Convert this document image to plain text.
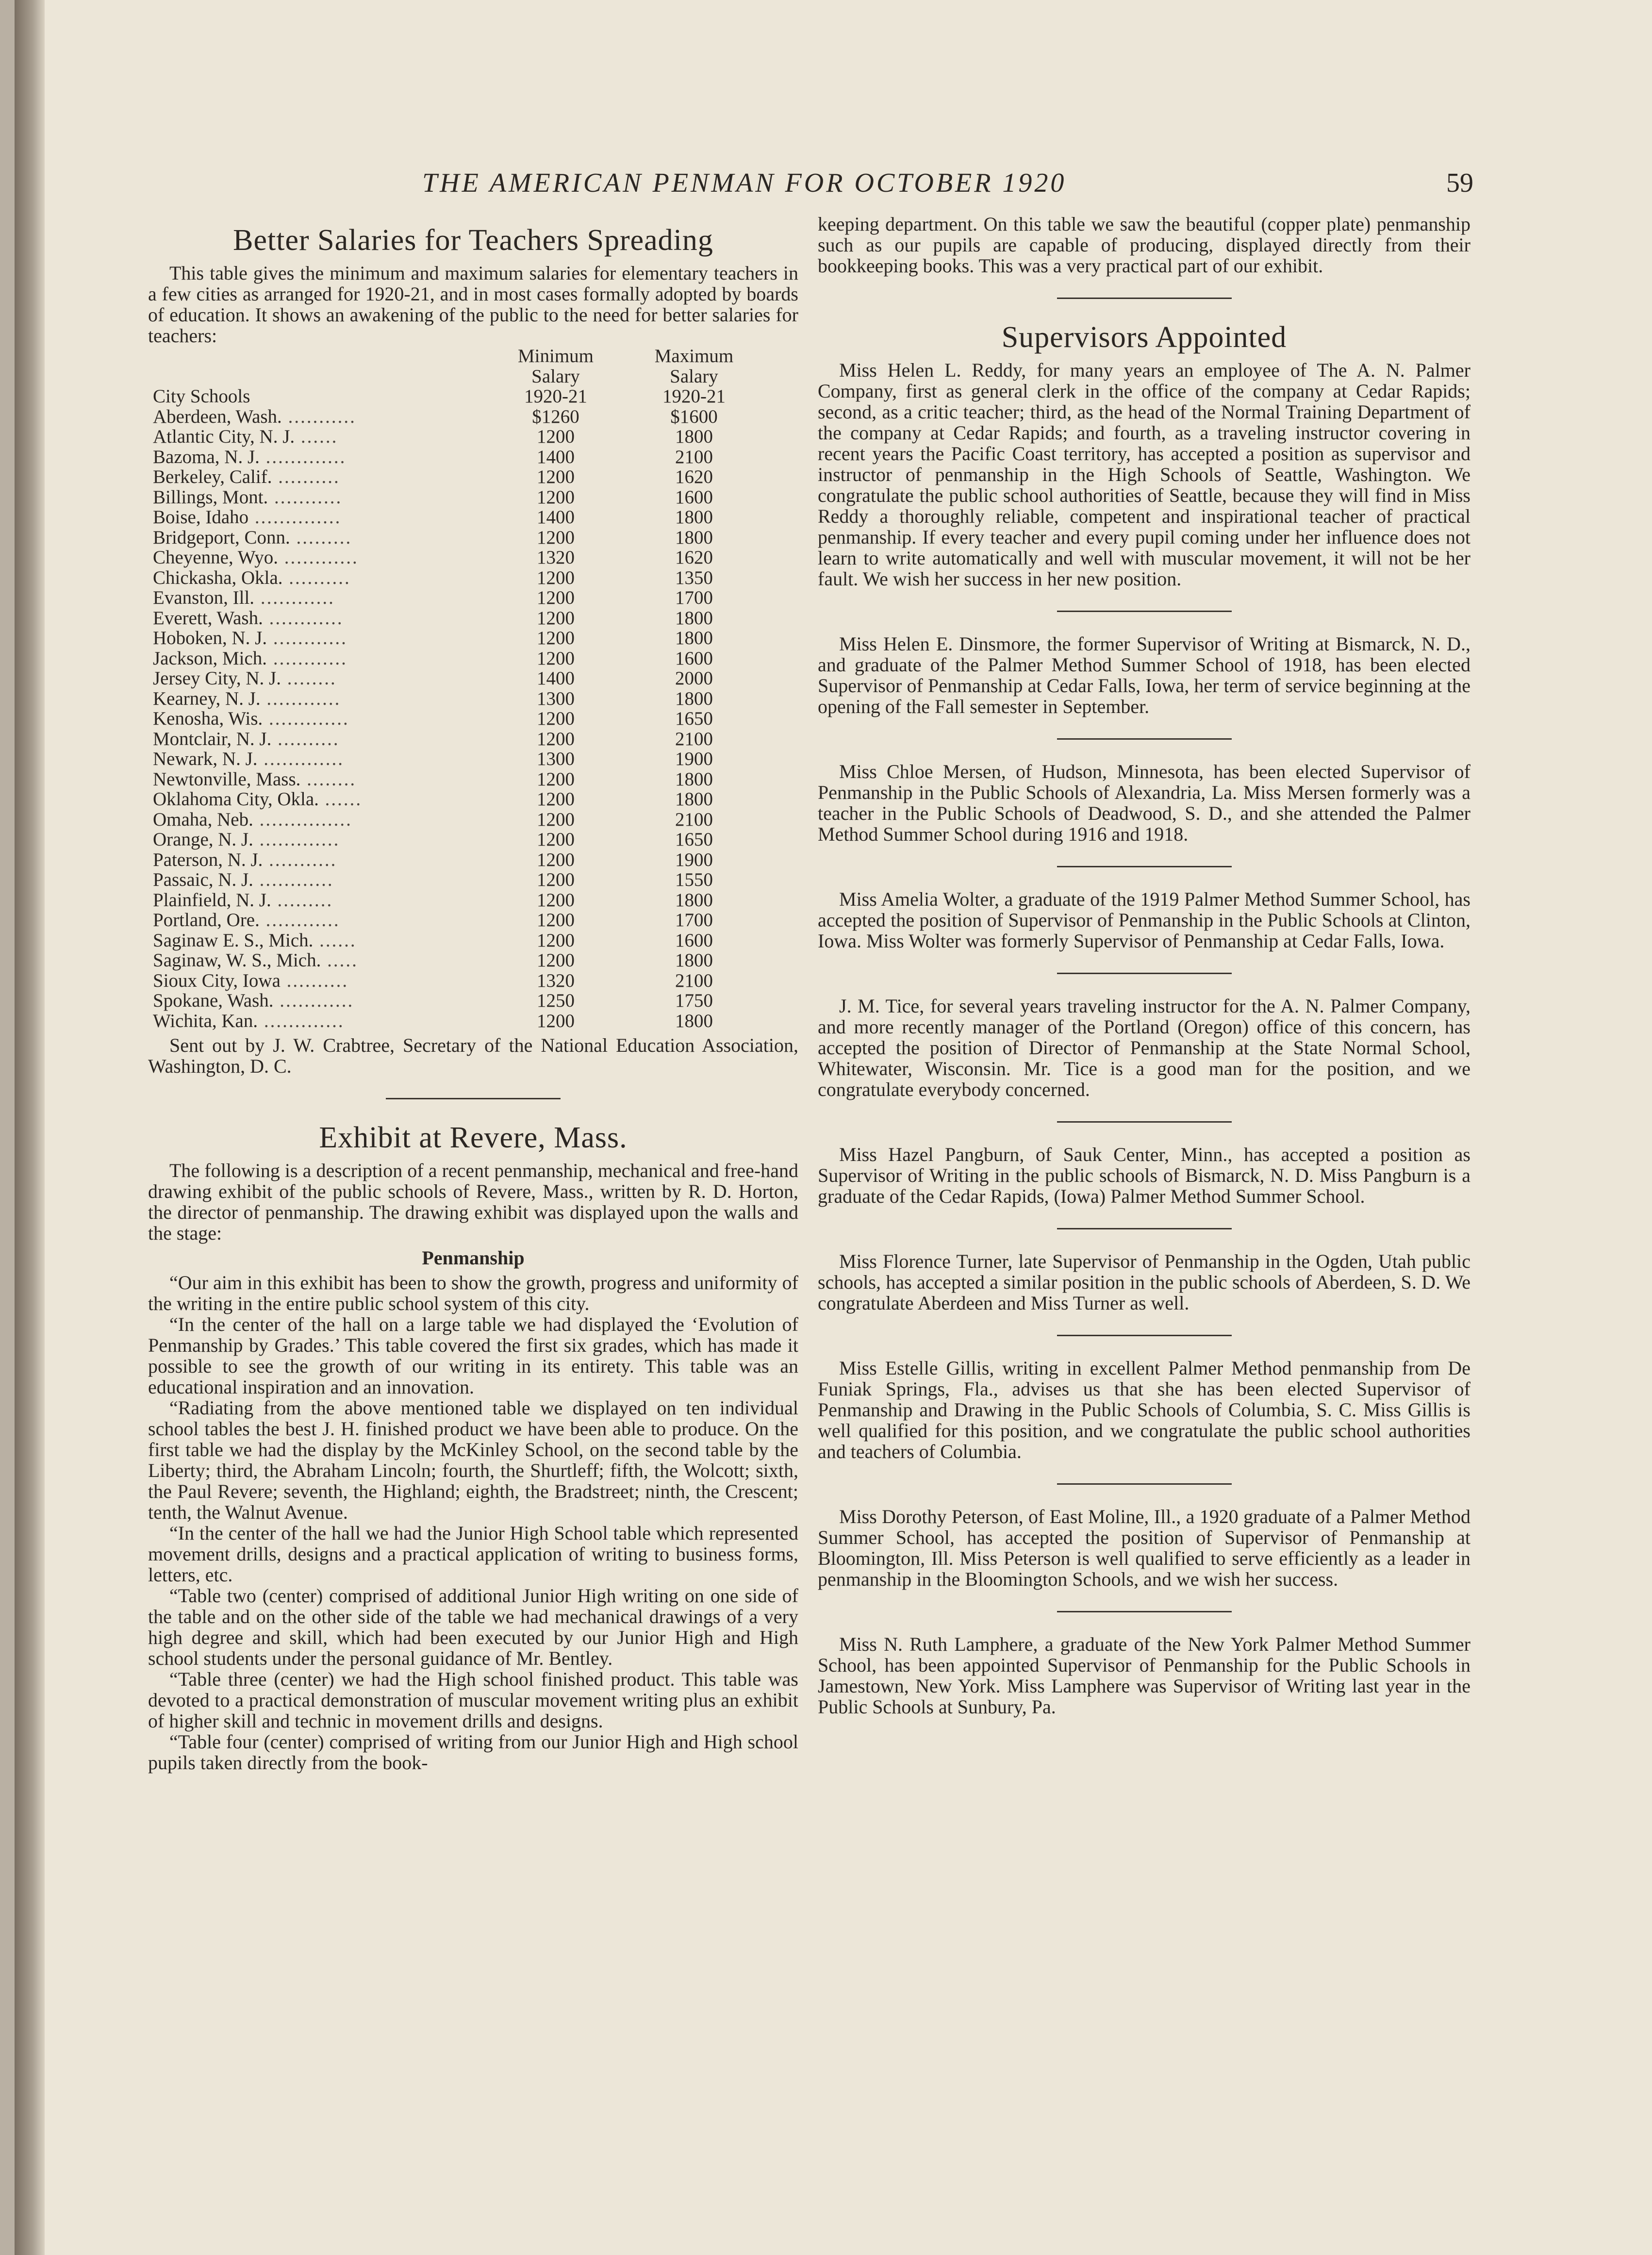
THE AMERICAN PENMAN FOR OCTOBER 1920	59
Better Salaries for Teachers Spreading

This table gives the minimum and maximum salaries for elementary teachers in a few cities as arranged for 1920-21, and in most cases formally adopted by boards of education. It shows an awakening of the public to the need for better salaries for teachers:

	Minimum	Maximum
	Salary	Salary
City Schools	1920-21	1920-21
Aberdeen, Wash. ...........	$1260	$1600
Atlantic City, N. J. ......	1200	1800
Bazoma, N. J. .............	1400	2100
Berkeley, Calif. ..........	1200	1620
Billings, Mont. ...........	1200	1600
Boise, Idaho ..............	1400	1800
Bridgeport, Conn. .........	1200	1800
Cheyenne, Wyo. ............	1320	1620
Chickasha, Okla. ..........	1200	1350
Evanston, Ill. ............	1200	1700
Everett, Wash. ............	1200	1800
Hoboken, N. J. ............	1200	1800
Jackson, Mich. ............	1200	1600
Jersey City, N. J. ........	1400	2000
Kearney, N. J. ............	1300	1800
Kenosha, Wis. .............	1200	1650
Montclair, N. J. ..........	1200	2100
Newark, N. J. .............	1300	1900
Newtonville, Mass. ........	1200	1800
Oklahoma City, Okla. ......	1200	1800
Omaha, Neb. ...............	1200	2100
Orange, N. J. .............	1200	1650
Paterson, N. J. ...........	1200	1900
Passaic, N. J. ............	1200	1550
Plainfield, N. J. .........	1200	1800
Portland, Ore. ............	1200	1700
Saginaw E. S., Mich. ......	1200	1600
Saginaw, W. S., Mich. .....	1200	1800
Sioux City, Iowa ..........	1320	2100
Spokane, Wash. ............	1250	1750
Wichita, Kan. .............	1200	1800

Sent out by J. W. Crabtree, Secretary of the National Education Association, Washington, D. C.

Exhibit at Revere, Mass.

The following is a description of a recent penmanship, mechanical and free-hand drawing exhibit of the public schools of Revere, Mass., written by R. D. Horton, the director of penmanship. The drawing exhibit was displayed upon the walls and the stage:

Penmanship

“Our aim in this exhibit has been to show the growth, progress and uniformity of the writing in the entire public school system of this city.

“In the center of the hall on a large table we had displayed the ‘Evolution of Penmanship by Grades.’ This table covered the first six grades, which has made it possible to see the growth of our writing in its entirety. This table was an educational inspiration and an innovation.

“Radiating from the above mentioned table we displayed on ten individual school tables the best J. H. finished product we have been able to produce. On the first table we had the display by the McKinley School, on the second table by the Liberty; third, the Abraham Lincoln; fourth, the Shurtleff; fifth, the Wolcott; sixth, the Paul Revere; seventh, the Highland; eighth, the Bradstreet; ninth, the Crescent; tenth, the Walnut Avenue.

“In the center of the hall we had the Junior High School table which represented movement drills, designs and a practical application of writing to business forms, letters, etc.

“Table two (center) comprised of additional Junior High writing on one side of the table and on the other side of the table we had mechanical drawings of a very high degree and skill, which had been executed by our Junior High and High school students under the personal guidance of Mr. Bentley.

“Table three (center) we had the High school finished product. This table was devoted to a practical demonstration of muscular movement writing plus an exhibit of higher skill and technic in movement drills and designs.

“Table four (center) comprised of writing from our Junior High and High school pupils taken directly from the book-

keeping department. On this table we saw the beautiful (copper plate) penmanship such as our pupils are capable of producing, displayed directly from their bookkeeping books. This was a very practical part of our exhibit.

Supervisors Appointed

Miss Helen L. Reddy, for many years an employee of The A. N. Palmer Company, first as general clerk in the office of the company at Cedar Rapids; second, as a critic teacher; third, as the head of the Normal Training Department of the company at Cedar Rapids; and fourth, as a traveling instructor covering in recent years the Pacific Coast territory, has accepted a position as supervisor and instructor of penmanship in the High Schools of Seattle, Washington. We congratulate the public school authorities of Seattle, because they will find in Miss Reddy a thoroughly reliable, competent and inspirational teacher of practical penmanship. If every teacher and every pupil coming under her influence does not learn to write automatically and well with muscular movement, it will not be her fault. We wish her success in her new position.

Miss Helen E. Dinsmore, the former Supervisor of Writing at Bismarck, N. D., and graduate of the Palmer Method Summer School of 1918, has been elected Supervisor of Penmanship at Cedar Falls, Iowa, her term of service beginning at the opening of the Fall semester in September.

Miss Chloe Mersen, of Hudson, Minnesota, has been elected Supervisor of Penmanship in the Public Schools of Alexandria, La. Miss Mersen formerly was a teacher in the Public Schools of Deadwood, S. D., and she attended the Palmer Method Summer School during 1916 and 1918.

Miss Amelia Wolter, a graduate of the 1919 Palmer Method Summer School, has accepted the position of Supervisor of Penmanship in the Public Schools at Clinton, Iowa. Miss Wolter was formerly Supervisor of Penmanship at Cedar Falls, Iowa.

J. M. Tice, for several years traveling instructor for the A. N. Palmer Company, and more recently manager of the Portland (Oregon) office of this concern, has accepted the position of Director of Penmanship at the State Normal School, Whitewater, Wisconsin. Mr. Tice is a good man for the position, and we congratulate everybody concerned.

Miss Hazel Pangburn, of Sauk Center, Minn., has accepted a position as Supervisor of Writing in the public schools of Bismarck, N. D. Miss Pangburn is a graduate of the Cedar Rapids, (Iowa) Palmer Method Summer School.

Miss Florence Turner, late Supervisor of Penmanship in the Ogden, Utah public schools, has accepted a similar position in the public schools of Aberdeen, S. D. We congratulate Aberdeen and Miss Turner as well.

Miss Estelle Gillis, writing in excellent Palmer Method penmanship from De Funiak Springs, Fla., advises us that she has been elected Supervisor of Penmanship and Drawing in the Public Schools of Columbia, S. C. Miss Gillis is well qualified for this position, and we congratulate the public school authorities and teachers of Columbia.

Miss Dorothy Peterson, of East Moline, Ill., a 1920 graduate of a Palmer Method Summer School, has accepted the position of Supervisor of Penmanship at Bloomington, Ill. Miss Peterson is well qualified to serve efficiently as a leader in penmanship in the Bloomington Schools, and we wish her success.

Miss N. Ruth Lamphere, a graduate of the New York Palmer Method Summer School, has been appointed Supervisor of Penmanship for the Public Schools in Jamestown, New York. Miss Lamphere was Supervisor of Writing last year in the Public Schools at Sunbury, Pa.
